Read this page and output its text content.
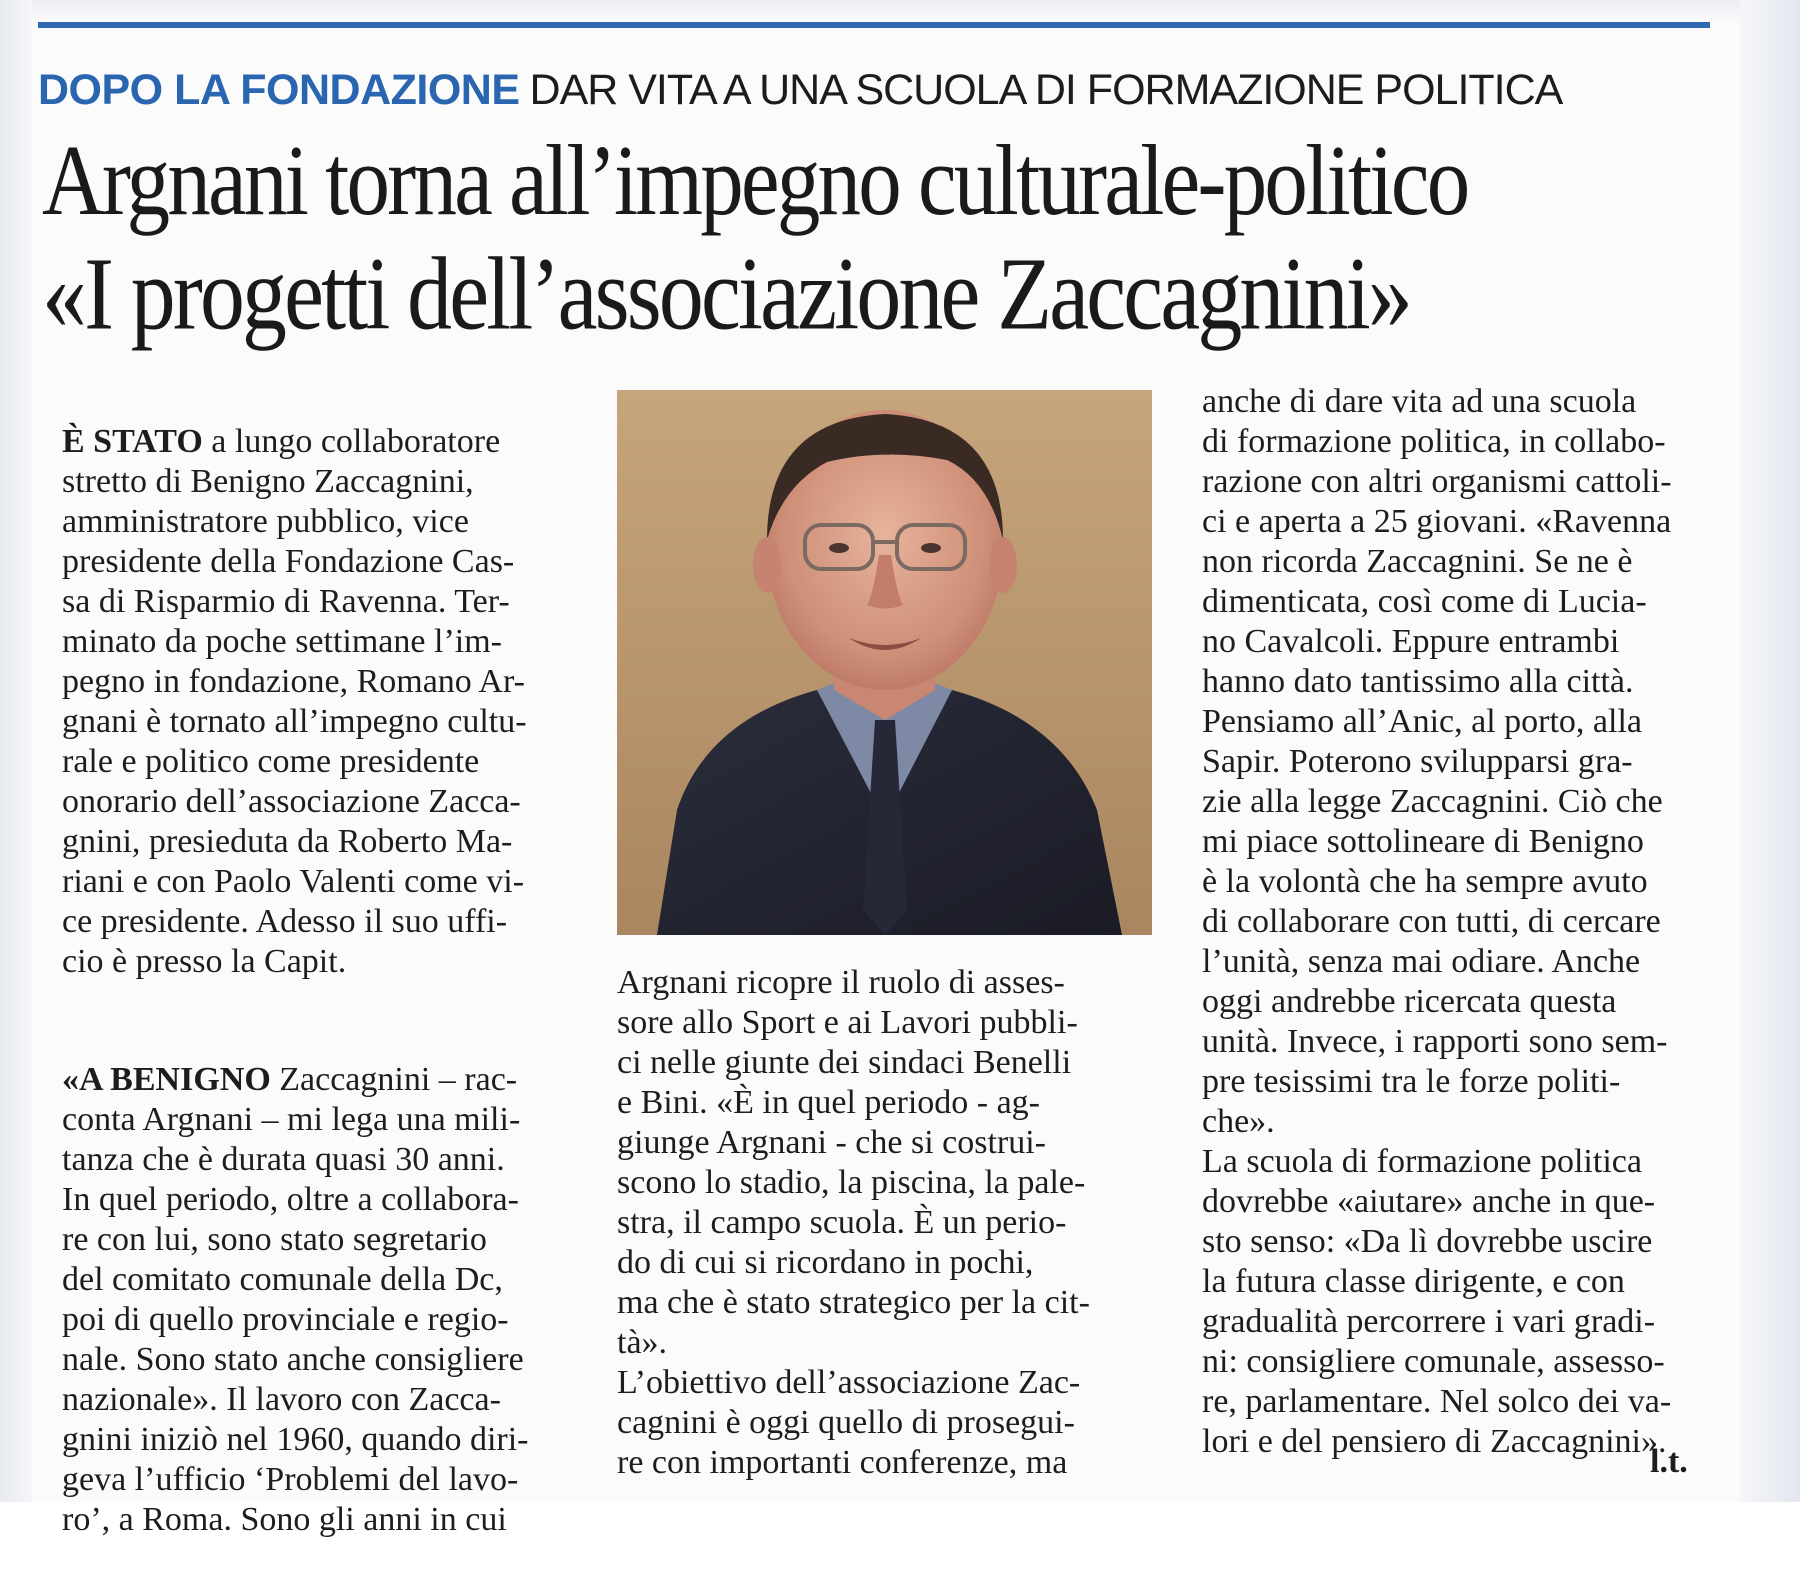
DOPO LA FONDAZIONE DAR VITA A UNA SCUOLA DI FORMAZIONE POLITICA
Argnani torna all’impegno culturale-politico
«I progetti dell’associazione Zaccagnini»

È STATO a lungo collaboratore
stretto di Benigno Zaccagnini,
amministratore pubblico, vice
presidente della Fondazione Cas-
sa di Risparmio di Ravenna. Ter-
minato da poche settimane l’im-
pegno in fondazione, Romano Ar-
gnani è tornato all’impegno cultu-
rale e politico come presidente
onorario dell’associazione Zacca-
gnini, presieduta da Roberto Ma-
riani e con Paolo Valenti come vi-
ce presidente. Adesso il suo uffi-
cio è presso la Capit.

«A BENIGNO Zaccagnini – rac-
conta Argnani – mi lega una mili-
tanza che è durata quasi 30 anni.
In quel periodo, oltre a collabora-
re con lui, sono stato segretario
del comitato comunale della Dc,
poi di quello provinciale e regio-
nale. Sono stato anche consigliere
nazionale». Il lavoro con Zacca-
gnini iniziò nel 1960, quando diri-
geva l’ufficio ‘Problemi del lavo-
ro’, a Roma. Sono gli anni in cui

Argnani ricopre il ruolo di asses-
sore allo Sport e ai Lavori pubbli-
ci nelle giunte dei sindaci Benelli
e Bini. «È in quel periodo - ag-
giunge Argnani - che si costrui-
scono lo stadio, la piscina, la pale-
stra, il campo scuola. È un perio-
do di cui si ricordano in pochi,
ma che è stato strategico per la cit-
tà».
L’obiettivo dell’associazione Zac-
cagnini è oggi quello di prosegui-
re con importanti conferenze, ma
anche di dare vita ad una scuola
di formazione politica, in collabo-
razione con altri organismi cattoli-
ci e aperta a 25 giovani. «Ravenna
non ricorda Zaccagnini. Se ne è
dimenticata, così come di Lucia-
no Cavalcoli. Eppure entrambi
hanno dato tantissimo alla città.
Pensiamo all’Anic, al porto, alla
Sapir. Poterono svilupparsi gra-
zie alla legge Zaccagnini. Ciò che
mi piace sottolineare di Benigno
è la volontà che ha sempre avuto
di collaborare con tutti, di cercare
l’unità, senza mai odiare. Anche
oggi andrebbe ricercata questa
unità. Invece, i rapporti sono sem-
pre tesissimi tra le forze politi-
che».
La scuola di formazione politica
dovrebbe «aiutare» anche in que-
sto senso: «Da lì dovrebbe uscire
la futura classe dirigente, e con
gradualità percorrere i vari gradi-
ni: consigliere comunale, assesso-
re, parlamentare. Nel solco dei va-
lori e del pensiero di Zaccagnini».
l.t.
